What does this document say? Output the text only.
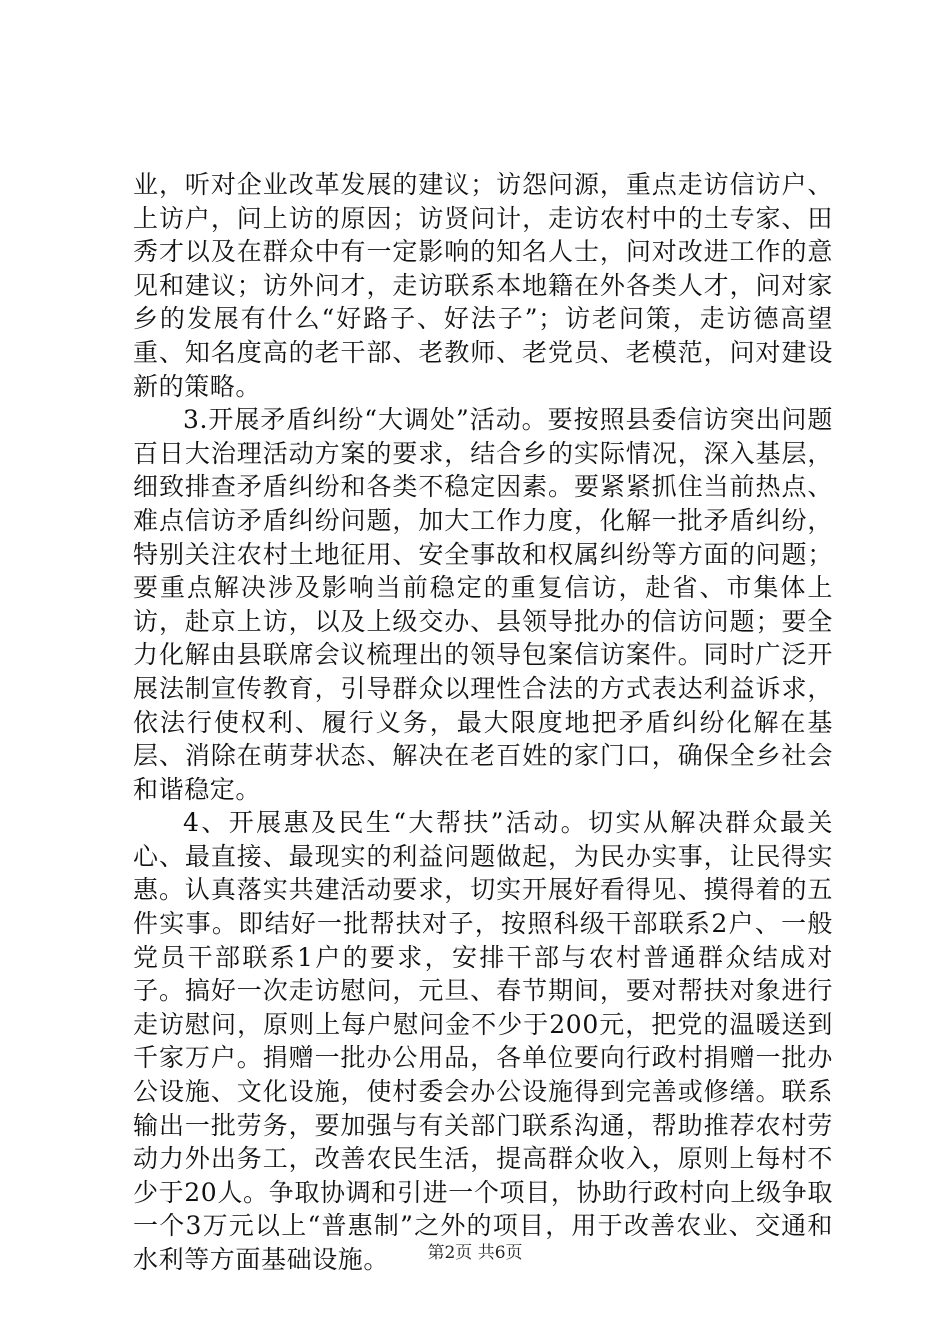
业，听对企业改革发展的建议；访怨问源，重点走访信访户、上访户，问上访的原因；访贤问计，走访农村中的土专家、田秀才以及在群众中有一定影响的知名人士，问对改进工作的意见和建议；访外问才，走访联系本地籍在外各类人才，问对家乡的发展有什么“好路子、好法子”；访老问策，走访德高望重、知名度高的老干部、老教师、老党员、老模范，问对建设新的策略。

3.开展矛盾纠纷“大调处”活动。要按照县委信访突出问题百日大治理活动方案的要求，结合乡的实际情况，深入基层，细致排查矛盾纠纷和各类不稳定因素。要紧紧抓住当前热点、难点信访矛盾纠纷问题，加大工作力度，化解一批矛盾纠纷，特别关注农村土地征用、安全事故和权属纠纷等方面的问题；要重点解决涉及影响当前稳定的重复信访，赴省、市集体上访，赴京上访，以及上级交办、县领导批办的信访问题；要全力化解由县联席会议梳理出的领导包案信访案件。同时广泛开展法制宣传教育，引导群众以理性合法的方式表达利益诉求，依法行使权利、履行义务，最大限度地把矛盾纠纷化解在基层、消除在萌芽状态、解决在老百姓的家门口，确保全乡社会和谐稳定。

4、开展惠及民生“大帮扶”活动。切实从解决群众最关心、最直接、最现实的利益问题做起，为民办实事，让民得实惠。认真落实共建活动要求，切实开展好看得见、摸得着的五件实事。即结好一批帮扶对子，按照科级干部联系2户、一般党员干部联系1户的要求，安排干部与农村普通群众结成对子。搞好一次走访慰问，元旦、春节期间，要对帮扶对象进行走访慰问，原则上每户慰问金不少于200元，把党的温暖送到千家万户。捐赠一批办公用品，各单位要向行政村捐赠一批办公设施、文化设施，使村委会办公设施得到完善或修缮。联系输出一批劳务，要加强与有关部门联系沟通，帮助推荐农村劳动力外出务工，改善农民生活，提高群众收入，原则上每村不少于20人。争取协调和引进一个项目，协助行政村向上级争取一个3万元以上“普惠制”之外的项目，用于改善农业、交通和水利等方面基础设施。	第2页 共6页
